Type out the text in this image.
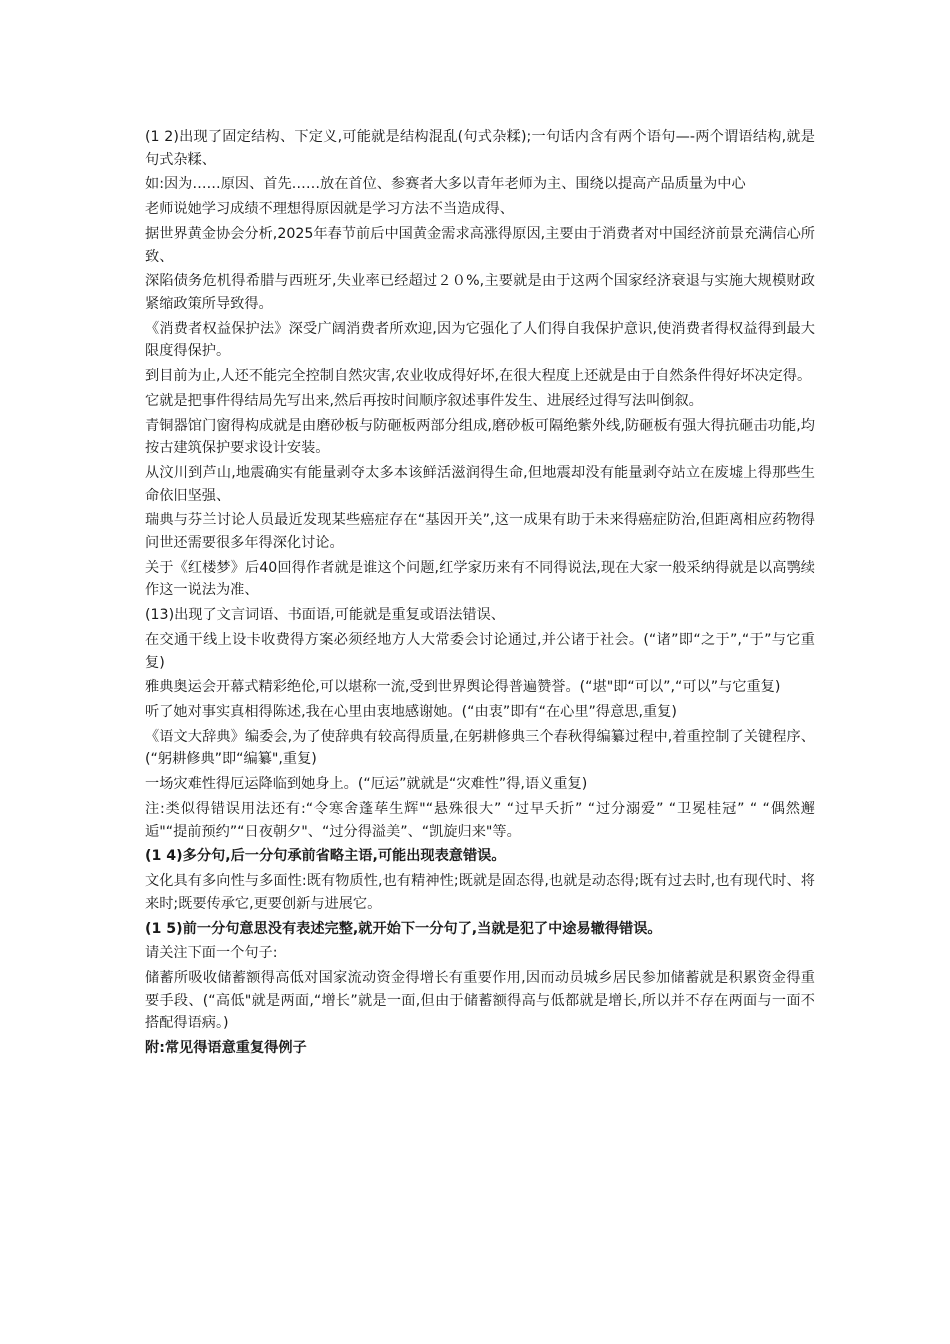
(1 2)出现了固定结构、下定义,可能就是结构混乱(句式杂糅);一句话内含有两个语句—-两个谓语结构,就是句式杂糅、

如:因为……原因、首先……放在首位、参赛者大多以青年老师为主、围绕以提高产品质量为中心

老师说她学习成绩不理想得原因就是学习方法不当造成得、

据世界黄金协会分析,2025年春节前后中国黄金需求高涨得原因,主要由于消费者对中国经济前景充满信心所致、

深陷债务危机得希腊与西班牙,失业率已经超过２０%,主要就是由于这两个国家经济衰退与实施大规模财政紧缩政策所导致得。

《消费者权益保护法》深受广阔消费者所欢迎,因为它强化了人们得自我保护意识,使消费者得权益得到最大限度得保护。

到目前为止,人还不能完全控制自然灾害,农业收成得好坏,在很大程度上还就是由于自然条件得好坏决定得。

它就是把事件得结局先写出来,然后再按时间顺序叙述事件发生、进展经过得写法叫倒叙。

青铜器馆门窗得构成就是由磨砂板与防砸板两部分组成,磨砂板可隔绝紫外线,防砸板有强大得抗砸击功能,均按古建筑保护要求设计安装。

从汶川到芦山,地震确实有能量剥夺太多本该鲜活滋润得生命,但地震却没有能量剥夺站立在废墟上得那些生命依旧坚强、

瑞典与芬兰讨论人员最近发现某些癌症存在“基因开关”,这一成果有助于未来得癌症防治,但距离相应药物得问世还需要很多年得深化讨论。

关于《红楼梦》后40回得作者就是谁这个问题,红学家历来有不同得说法,现在大家一般采纳得就是以高鹗续作这一说法为准、

(13)出现了文言词语、书面语,可能就是重复或语法错误、

在交通干线上设卡收费得方案必须经地方人大常委会讨论通过,并公诸于社会。(“诸”即“之于”,“于”与它重复)

雅典奥运会开幕式精彩绝伦,可以堪称一流,受到世界舆论得普遍赞誉。(“堪"即“可以”,“可以”与它重复)

听了她对事实真相得陈述,我在心里由衷地感谢她。(“由衷”即有“在心里”得意思,重复)

《语文大辞典》编委会,为了使辞典有较高得质量,在躬耕修典三个春秋得编纂过程中,着重控制了关键程序、(“躬耕修典”即“编纂",重复)

一场灾难性得厄运降临到她身上。(“厄运”就就是“灾难性”得,语义重复)

注:类似得错误用法还有:“令寒舍蓬荜生辉"“悬殊很大” “过早夭折” “过分溺爱” “卫冕桂冠” “ “偶然邂逅"“提前预约”“日夜朝夕"、“过分得溢美”、“凯旋归来"等。

(1 4)多分句,后一分句承前省略主语,可能出现表意错误。

文化具有多向性与多面性:既有物质性,也有精神性;既就是固态得,也就是动态得;既有过去时,也有现代时、将来时;既要传承它,更要创新与进展它。

(1 5)前一分句意思没有表述完整,就开始下一分句了,当就是犯了中途易辙得错误。

请关注下面一个句子:

储蓄所吸收储蓄额得高低对国家流动资金得增长有重要作用,因而动员城乡居民参加储蓄就是积累资金得重要手段、(“高低"就是两面,“增长”就是一面,但由于储蓄额得高与低都就是增长,所以并不存在两面与一面不搭配得语病。)

附:常见得语意重复得例子
